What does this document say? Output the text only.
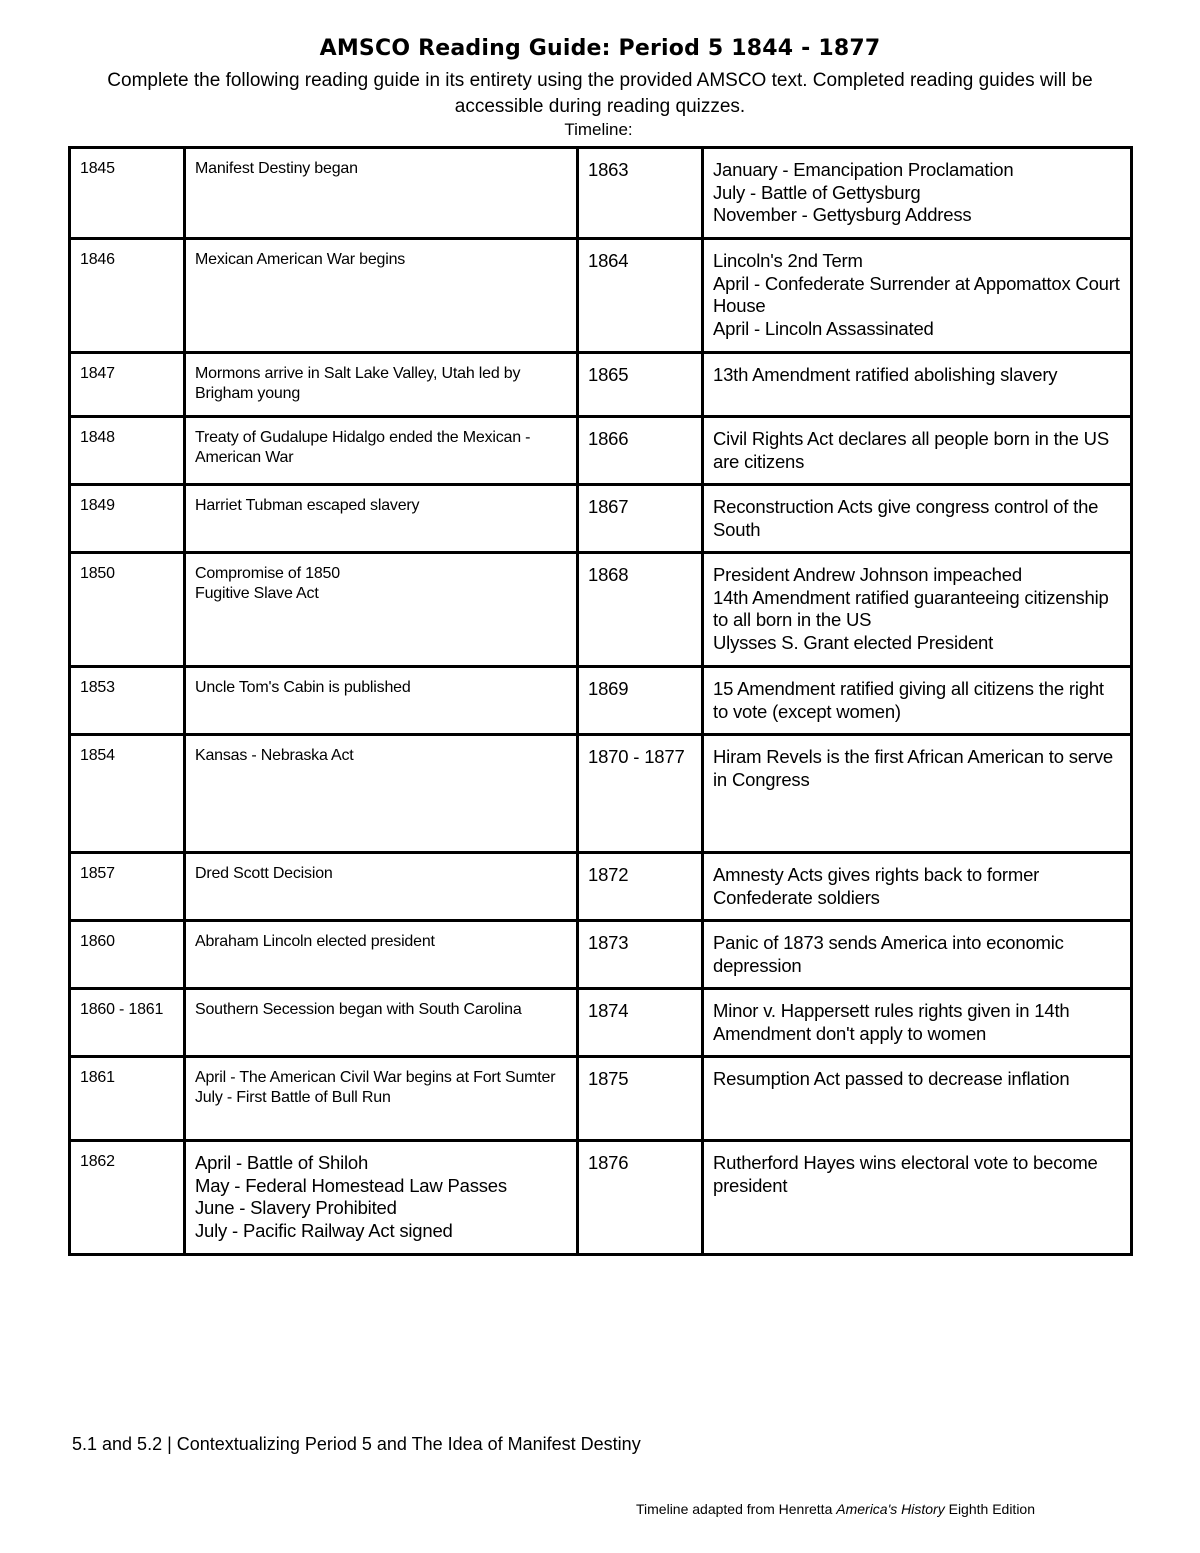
AMSCO Reading Guide: Period 5 1844 - 1877
Complete the following reading guide in its entirety using the provided AMSCO text. Completed reading guides will be accessible during reading quizzes.
Timeline:
1845	Manifest Destiny began	1863	January - Emancipation Proclamation
July - Battle of Gettysburg
November - Gettysburg Address

1846	Mexican American War begins	1864	Lincoln's 2nd Term
April - Confederate Surrender at Appomattox Court House
April - Lincoln Assassinated

1847	Mormons arrive in Salt Lake Valley, Utah led by Brigham young	1865	13th Amendment ratified abolishing slavery

1848	Treaty of Gudalupe Hidalgo ended the Mexican - American War	1866	Civil Rights Act declares all people born in the US are citizens

1849	Harriet Tubman escaped slavery	1867	Reconstruction Acts give congress control of the South

1850	Compromise of 1850
Fugitive Slave Act	1868	President Andrew Johnson impeached
14th Amendment ratified guaranteeing citizenship to all born in the US
Ulysses S. Grant elected President

1853	Uncle Tom's Cabin is published	1869	15 Amendment ratified giving all citizens the right to vote (except women)

1854	Kansas - Nebraska Act	1870 - 1877	Hiram Revels is the first African American to serve in Congress

1857	Dred Scott Decision	1872	Amnesty Acts gives rights back to former Confederate soldiers

1860	Abraham Lincoln elected president	1873	Panic of 1873 sends America into economic depression

1860 - 1861	Southern Secession began with South Carolina	1874	Minor v. Happersett rules rights given in 14th Amendment don't apply to women

1861	April - The American Civil War begins at Fort Sumter
July - First Battle of Bull Run	1875	Resumption Act passed to decrease inflation

1862	April - Battle of Shiloh
May - Federal Homestead Law Passes
June - Slavery Prohibited
July - Pacific Railway Act signed	1876	Rutherford Hayes wins electoral vote to become president
5.1 and 5.2 | Contextualizing Period 5 and The Idea of Manifest Destiny
Timeline adapted from Henretta America's History Eighth Edition
